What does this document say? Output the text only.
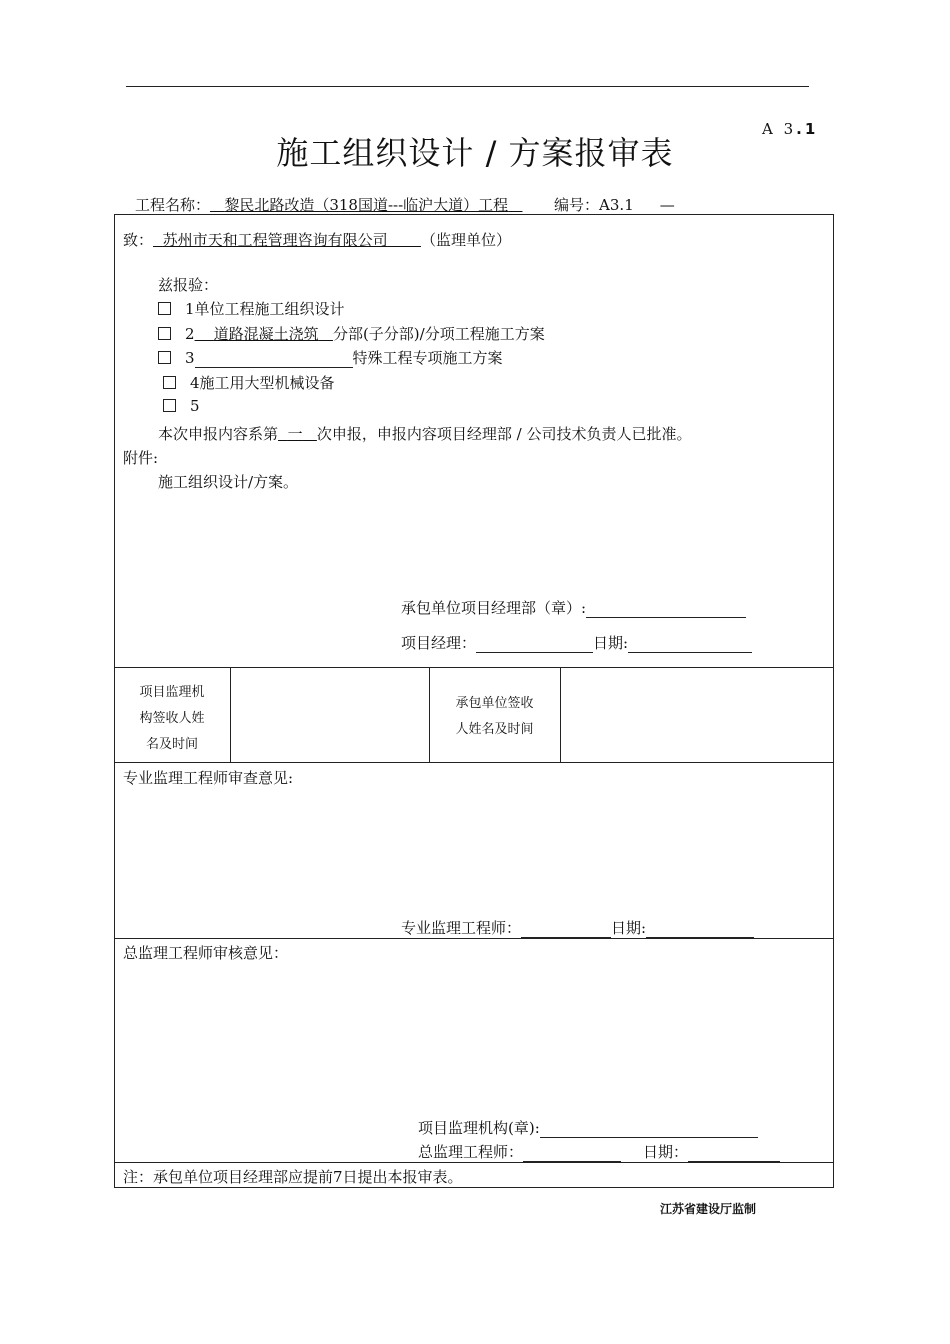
A 3.1
施工组织设计 / 方案报审表
工程名称： 黎民北路改造（318国道---临沪大道）工程	编号：A3.1 —
致： 苏州市天和工程管理咨询有限公司 （监理单位）
兹报验：
1单位工程施工组织设计
2 道路混凝土浇筑 分部(子分部)/分项工程施工方案
3	特殊工程专项施工方案
4施工用大型机械设备
5
本次申报内容系第 一 次申报，申报内容项目经理部 / 公司技术负责人已批准。
附件:
施工组织设计/方案。
承包单位项目经理部（章）:
项目经理：	日期:
项目监理机
构签收人姓
名及时间
承包单位签收
人姓名及时间
专业监理工程师审查意见:
专业监理工程师：	日期:
总监理工程师审核意见：
项目监理机构(章):
总监理工程师：	日期：
注：承包单位项目经理部应提前7日提出本报审表。
江苏省建设厅监制
